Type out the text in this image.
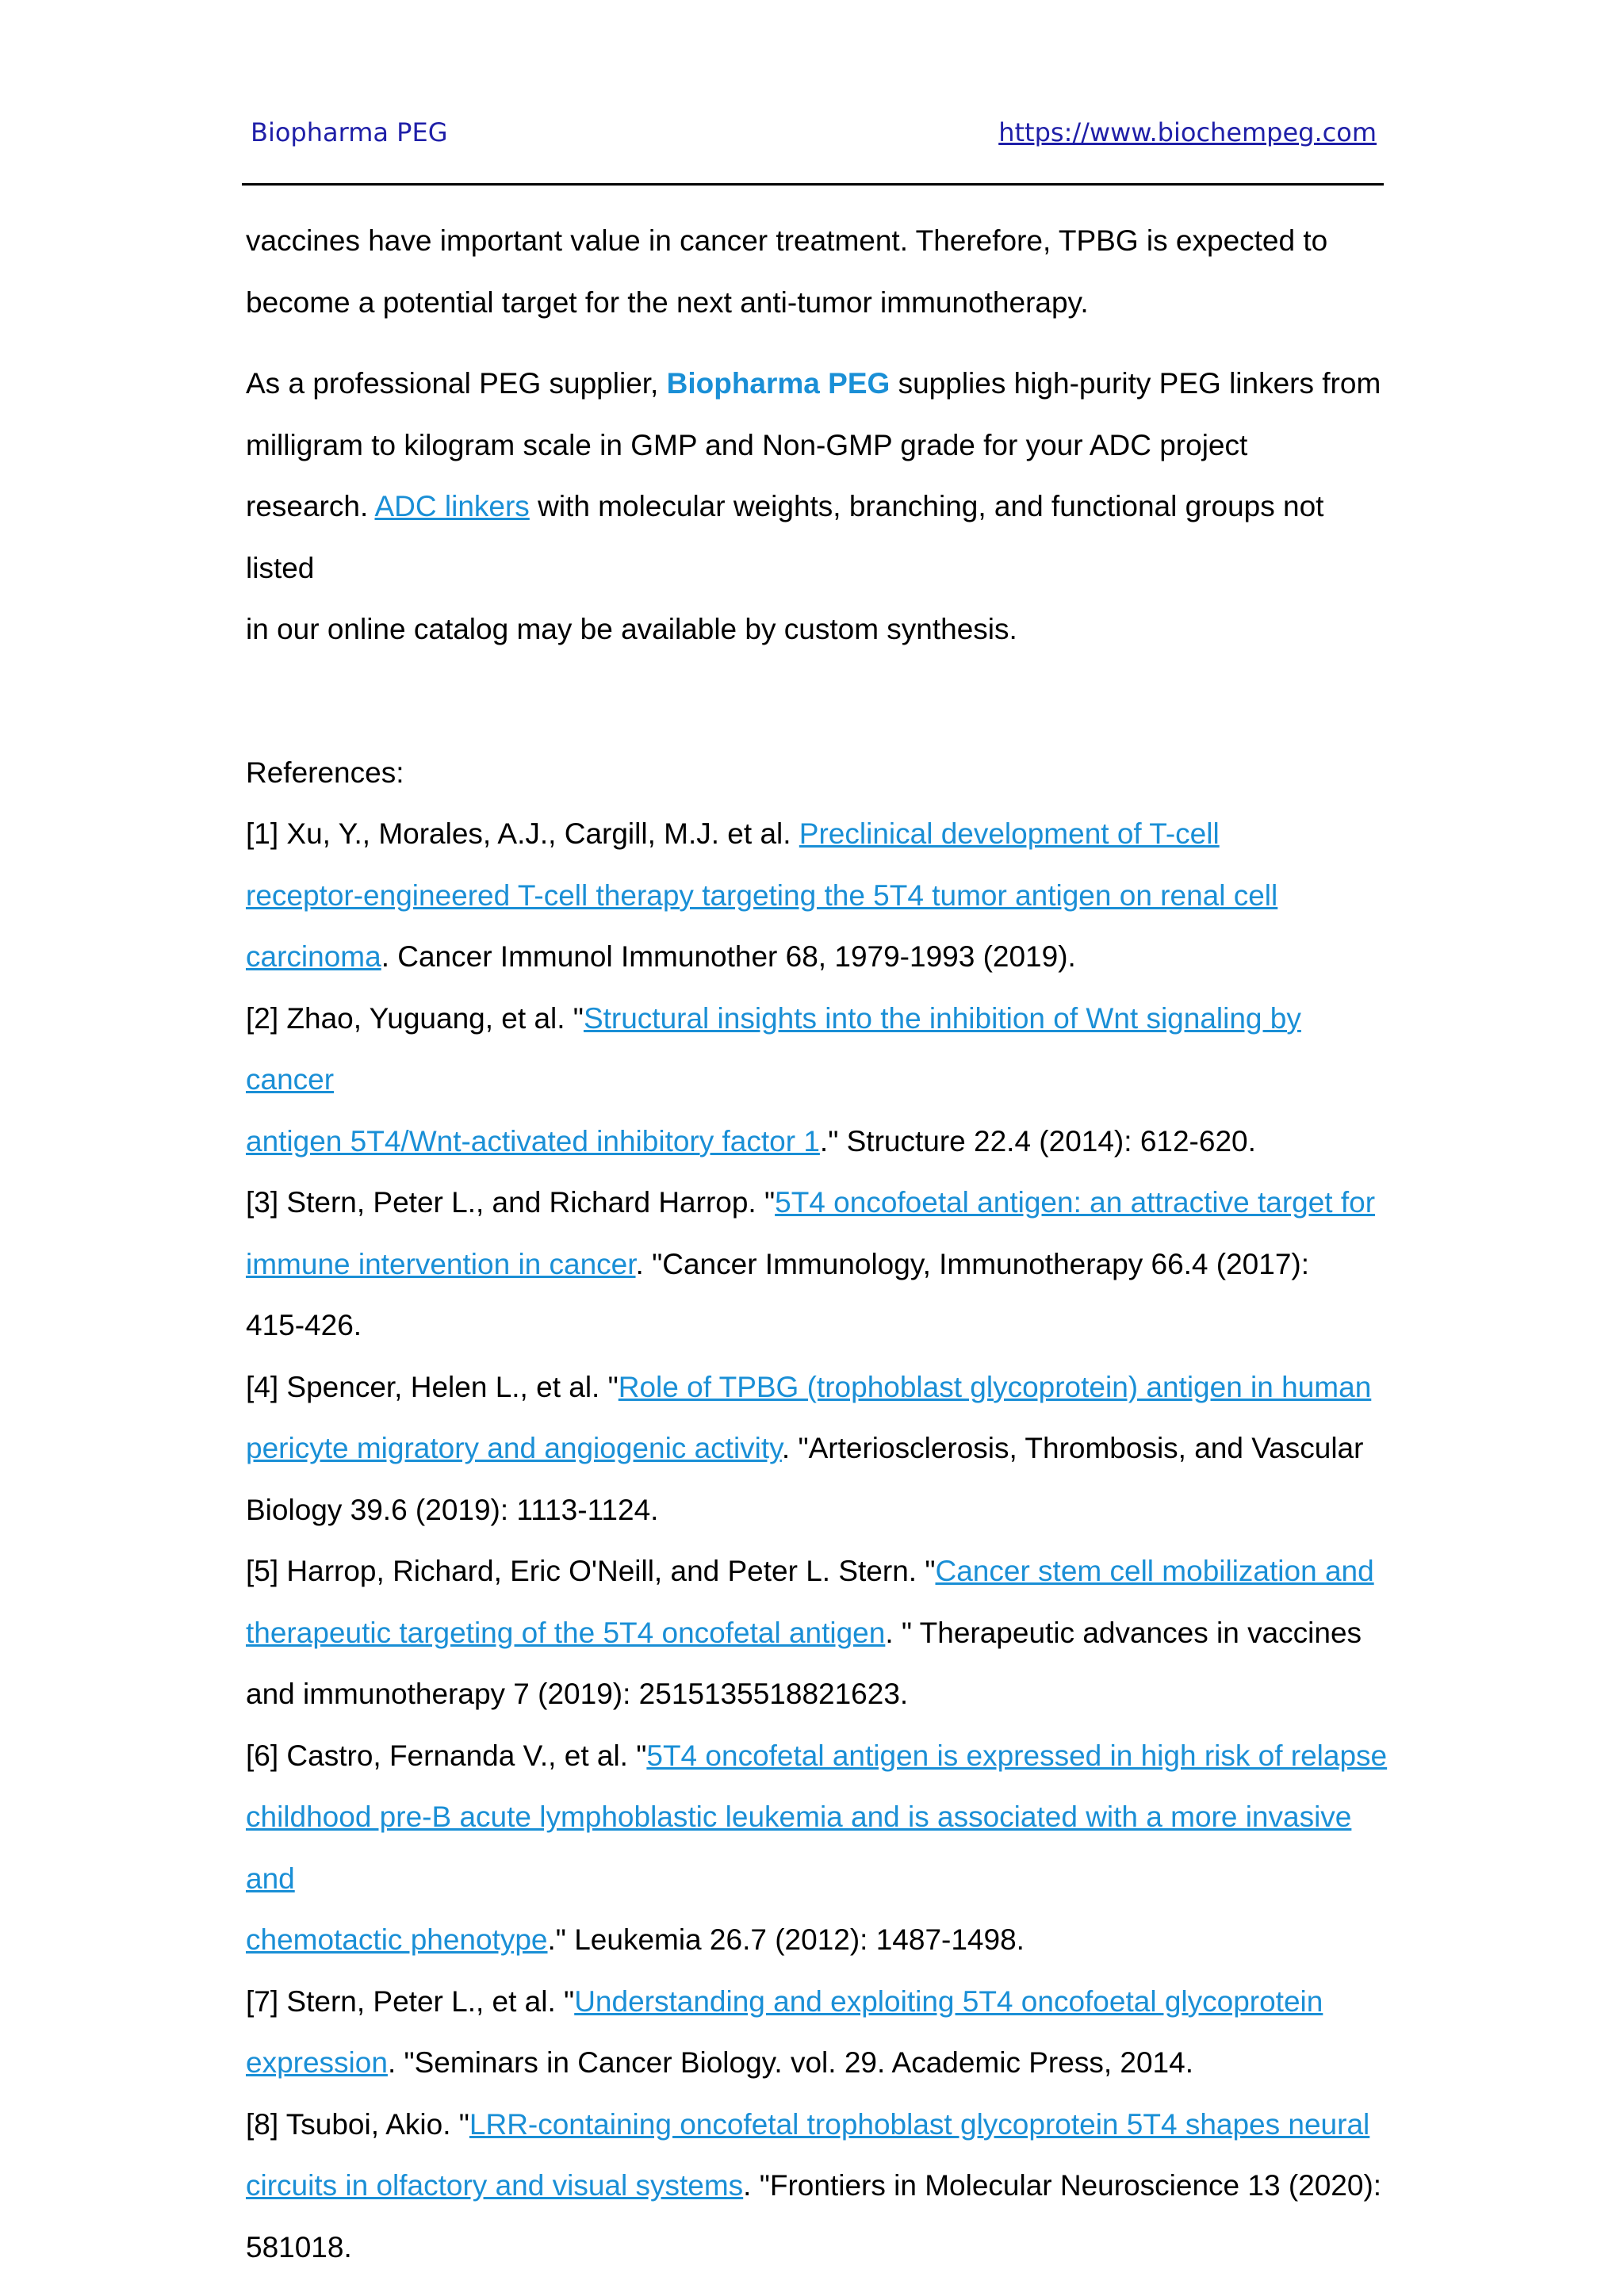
Biopharma PEG	https://www.biochempeg.com

vaccines have important value in cancer treatment. Therefore, TPBG is expected to
become a potential target for the next anti-tumor immunotherapy.

As a professional PEG supplier, Biopharma PEG supplies high-purity PEG linkers from
milligram to kilogram scale in GMP and Non-GMP grade for your ADC project
research. ADC linkers with molecular weights, branching, and functional groups not listed
in our online catalog may be available by custom synthesis.

References:

[1] Xu, Y., Morales, A.J., Cargill, M.J. et al. Preclinical development of T-cell
receptor-engineered T-cell therapy targeting the 5T4 tumor antigen on renal cell
carcinoma. Cancer Immunol Immunother 68, 1979-1993 (2019).

[2] Zhao, Yuguang, et al. "Structural insights into the inhibition of Wnt signaling by cancer
antigen 5T4/Wnt-activated inhibitory factor 1." Structure 22.4 (2014): 612-620.

[3] Stern, Peter L., and Richard Harrop. "5T4 oncofoetal antigen: an attractive target for
immune intervention in cancer. "Cancer Immunology, Immunotherapy 66.4 (2017):
415-426.

[4] Spencer, Helen L., et al. "Role of TPBG (trophoblast glycoprotein) antigen in human
pericyte migratory and angiogenic activity. "Arteriosclerosis, Thrombosis, and Vascular
Biology 39.6 (2019): 1113-1124.

[5] Harrop, Richard, Eric O'Neill, and Peter L. Stern. "Cancer stem cell mobilization and
therapeutic targeting of the 5T4 oncofetal antigen. " Therapeutic advances in vaccines
and immunotherapy 7 (2019): 2515135518821623.

[6] Castro, Fernanda V., et al. "5T4 oncofetal antigen is expressed in high risk of relapse
childhood pre-B acute lymphoblastic leukemia and is associated with a more invasive and
chemotactic phenotype." Leukemia 26.7 (2012): 1487-1498.

[7] Stern, Peter L., et al. "Understanding and exploiting 5T4 oncofoetal glycoprotein
expression. "Seminars in Cancer Biology. vol. 29. Academic Press, 2014.

[8] Tsuboi, Akio. "LRR-containing oncofetal trophoblast glycoprotein 5T4 shapes neural
circuits in olfactory and visual systems. "Frontiers in Molecular Neuroscience 13 (2020):
581018.
